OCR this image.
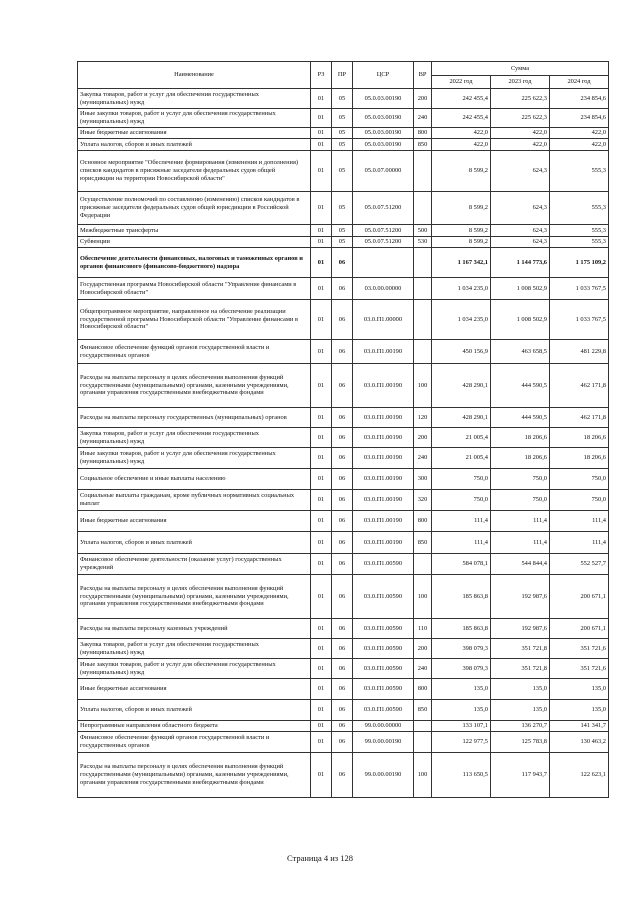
Наименование	РЗ	ПР	ЦСР	ВР	Сумма		
					2022 год	2023 год	2024 год
Закупка товаров, работ и услуг для обеспечения государственных (муниципальных) нужд	01	05	05.0.03.00190	200	242 455,4	225 622,3	234 854,6
Иные закупки товаров, работ и услуг для обеспечения государственных (муниципальных) нужд	01	05	05.0.03.00190	240	242 455,4	225 622,3	234 854,6
Иные бюджетные ассигнования	01	05	05.0.03.00190	800	422,0	422,0	422,0
Уплата налогов, сборов и иных платежей	01	05	05.0.03.00190	850	422,0	422,0	422,0
Основное мероприятие "Обеспечение формирования (изменения и дополнения) списков кандидатов в присяжные заседатели федеральных судов общей юрисдикции на территории Новосибирской области"	01	05	05.0.07.00000		8 599,2	624,3	555,3
Осуществление полномочий по составлению (изменению) списков кандидатов в присяжные заседатели федеральных судов общей юрисдикции в Российской Федерации	01	05	05.0.07.51200		8 599,2	624,3	555,3
Межбюджетные трансферты	01	05	05.0.07.51200	500	8 599,2	624,3	555,3
Субвенции	01	05	05.0.07.51200	530	8 599,2	624,3	555,3
Обеспечение деятельности финансовых, налоговых и таможенных органов и органов финансового (финансово-бюджетного) надзора	01	06			1 167 342,1	1 144 773,6	1 175 109,2
Государственная программа Новосибирской области "Управление финансами в Новосибирской области"	01	06	03.0.00.00000		1 034 235,0	1 008 502,9	1 033 767,5
Общепрограммное мероприятие, направленное на обеспечение реализации государственной программы Новосибирской области "Управление финансами в Новосибирской области"	01	06	03.0.П1.00000		1 034 235,0	1 008 502,9	1 033 767,5
Финансовое обеспечение функций органов государственной власти и государственных органов	01	06	03.0.П1.00190		450 156,9	463 658,5	481 229,8
Расходы на выплаты персоналу в целях обеспечения выполнения функций государственными (муниципальными) органами, казенными учреждениями, органами управления государственными внебюджетными фондами	01	06	03.0.П1.00190	100	428 290,1	444 590,5	462 171,8
Расходы на выплаты персоналу государственных (муниципальных) органов	01	06	03.0.П1.00190	120	428 290,1	444 590,5	462 171,8
Закупка товаров, работ и услуг для обеспечения государственных (муниципальных) нужд	01	06	03.0.П1.00190	200	21 005,4	18 206,6	18 206,6
Иные закупки товаров, работ и услуг для обеспечения государственных (муниципальных) нужд	01	06	03.0.П1.00190	240	21 005,4	18 206,6	18 206,6
Социальное обеспечение и иные выплаты населению	01	06	03.0.П1.00190	300	750,0	750,0	750,0
Социальные выплаты гражданам, кроме публичных нормативных социальных выплат	01	06	03.0.П1.00190	320	750,0	750,0	750,0
Иные бюджетные ассигнования	01	06	03.0.П1.00190	800	111,4	111,4	111,4
Уплата налогов, сборов и иных платежей	01	06	03.0.П1.00190	850	111,4	111,4	111,4
Финансовое обеспечение деятельности (оказание услуг) государственных учреждений	01	06	03.0.П1.00590		584 078,1	544 844,4	552 527,7
Расходы на выплаты персоналу в целях обеспечения выполнения функций государственными (муниципальными) органами, казенными учреждениями, органами управления государственными внебюджетными фондами	01	06	03.0.П1.00590	100	185 863,8	192 987,6	200 671,1
Расходы на выплаты персоналу казенных учреждений	01	06	03.0.П1.00590	110	185 863,8	192 987,6	200 671,1
Закупка товаров, работ и услуг для обеспечения государственных (муниципальных) нужд	01	06	03.0.П1.00590	200	398 079,3	351 721,8	351 721,6
Иные закупки товаров, работ и услуг для обеспечения государственных (муниципальных) нужд	01	06	03.0.П1.00590	240	398 079,3	351 721,8	351 721,6
Иные бюджетные ассигнования	01	06	03.0.П1.00590	800	135,0	135,0	135,0
Уплата налогов, сборов и иных платежей	01	06	03.0.П1.00590	850	135,0	135,0	135,0
Непрограммные направления областного бюджета	01	06	99.0.00.00000		133 107,1	136 270,7	141 341,7
Финансовое обеспечение функций органов государственной власти и государственных органов	01	06	99.0.00.00190		122 977,5	125 783,8	130 463,2
Расходы на выплаты персоналу в целях обеспечения выполнения функций государственными (муниципальными) органами, казенными учреждениями, органами управления государственными внебюджетными фондами	01	06	99.0.00.00190	100	113 650,5	117 943,7	122 623,1
Страница 4 из 128
